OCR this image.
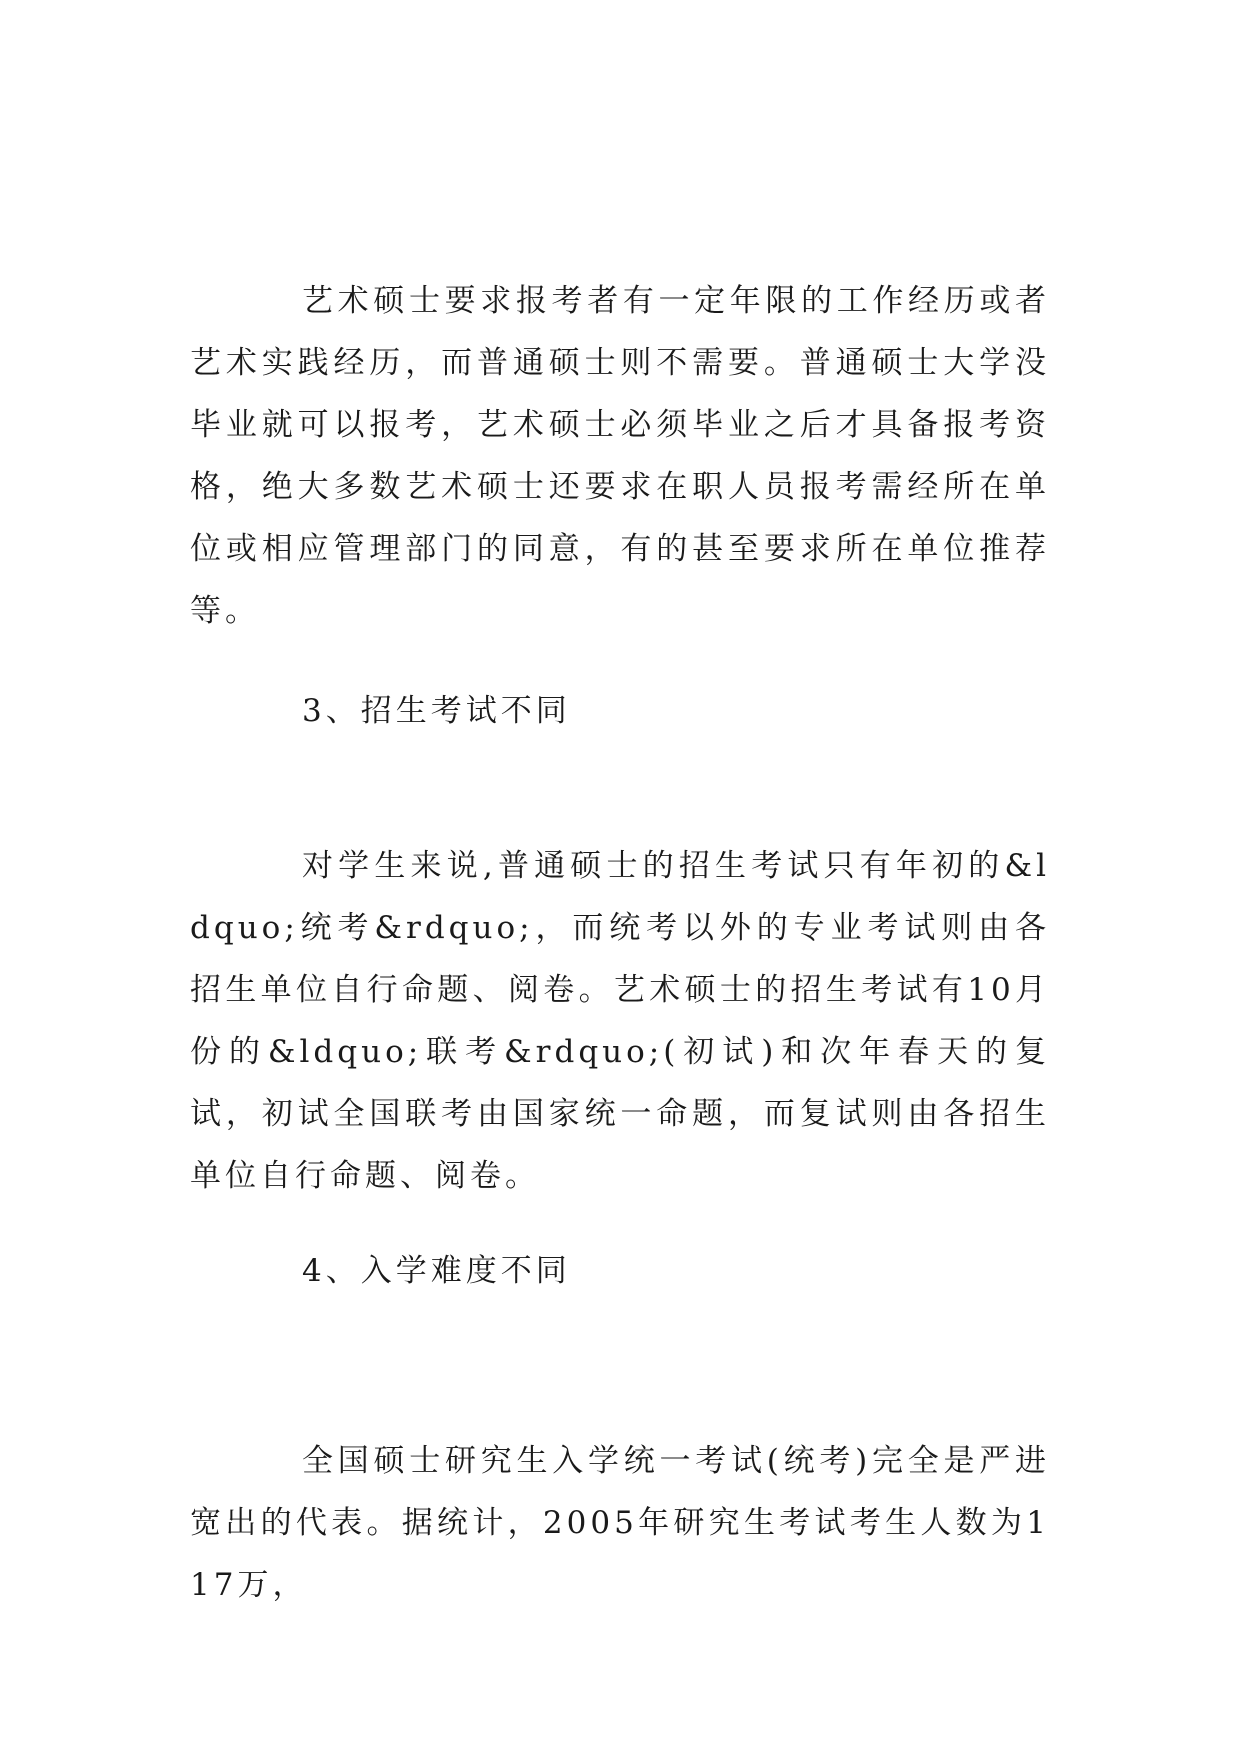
艺术硕士要求报考者有一定年限的工作经历或者艺术实践经历，而普通硕士则不需要。普通硕士大学没毕业就可以报考，艺术硕士必须毕业之后才具备报考资格，绝大多数艺术硕士还要求在职人员报考需经所在单位或相应管理部门的同意，有的甚至要求所在单位推荐等。

3、招生考试不同

对学生来说,普通硕士的招生考试只有年初的&ldquo;统考&rdquo;，而统考以外的专业考试则由各招生单位自行命题、阅卷。艺术硕士的招生考试有10月份的&ldquo;联考&rdquo;(初试)和次年春天的复试，初试全国联考由国家统一命题，而复试则由各招生单位自行命题、阅卷。

4、入学难度不同

全国硕士研究生入学统一考试(统考)完全是严进宽出的代表。据统计，2005年研究生考试考生人数为117万，
